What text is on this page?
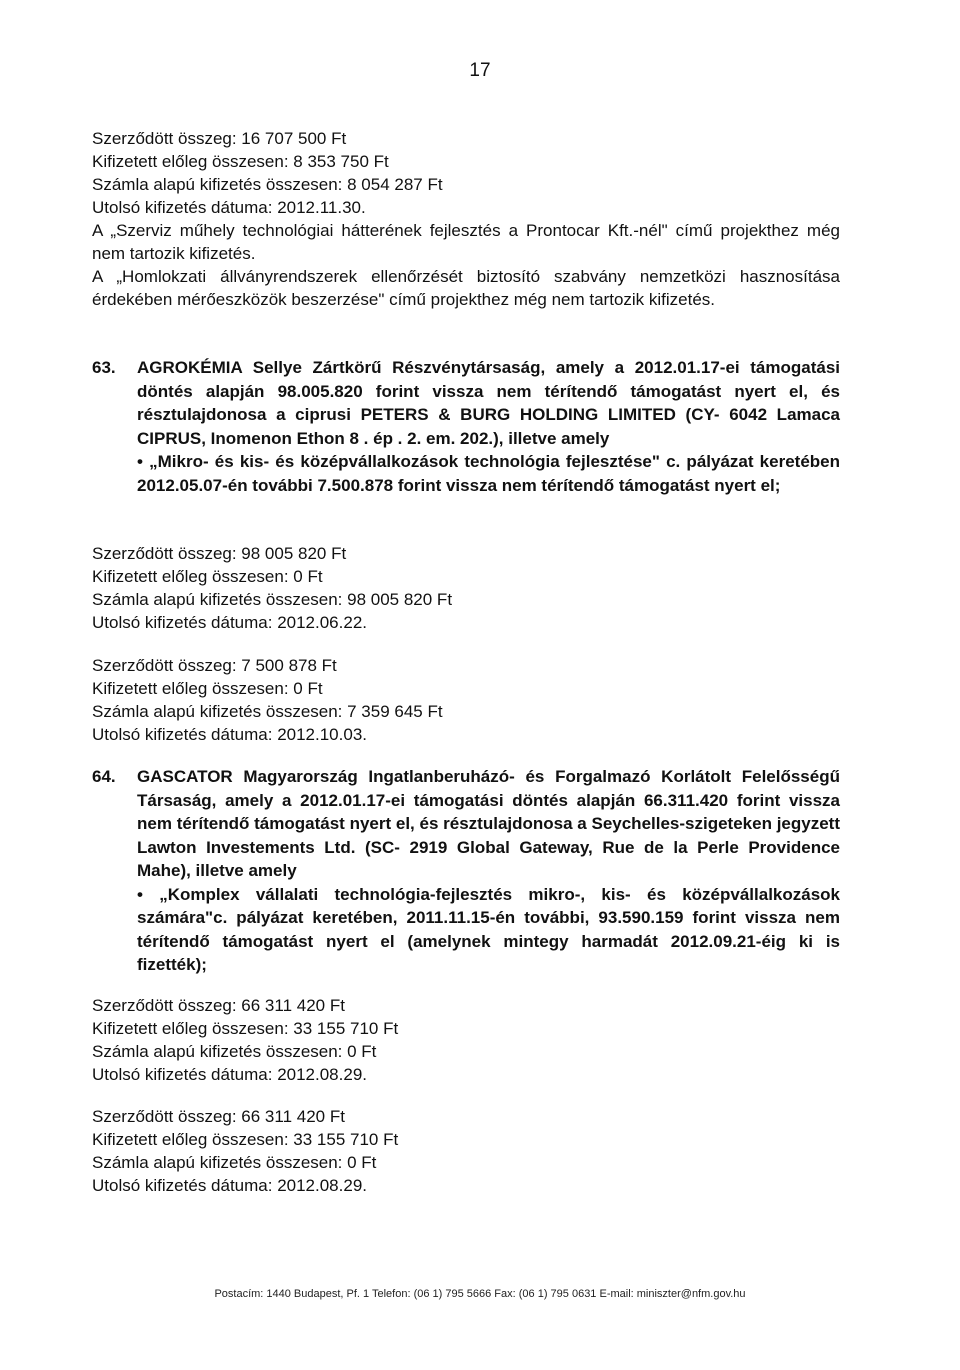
17

Szerződött összeg: 16 707 500 Ft

Kifizetett előleg összesen: 8 353 750 Ft

Számla alapú kifizetés összesen: 8 054 287 Ft

Utolsó kifizetés dátuma: 2012.11.30.

A „Szerviz műhely technológiai hátterének fejlesztés a Prontocar Kft.-nél" című projekthez még nem tartozik kifizetés.

A „Homlokzati állványrendszerek ellenőrzését biztosító szabvány nemzetközi hasznosítása érdekében mérőeszközök beszerzése" című projekthez még nem tartozik kifizetés.

63. AGROKÉMIA Sellye Zártkörű Részvénytársaság, amely a 2012.01.17-ei támogatási döntés alapján 98.005.820 forint vissza nem térítendő támogatást nyert el, és résztulajdonosa a ciprusi PETERS & BURG HOLDING LIMITED (CY- 6042 Lamaca CIPRUS, Inomenon Ethon 8 . ép . 2. em. 202.), illetve amely

• „Mikro- és kis- és középvállalkozások technológia fejlesztése" c. pályázat keretében 2012.05.07-én további 7.500.878 forint vissza nem térítendő támogatást nyert el;

Szerződött összeg: 98 005 820 Ft

Kifizetett előleg összesen: 0 Ft

Számla alapú kifizetés összesen: 98 005 820 Ft

Utolsó kifizetés dátuma: 2012.06.22.

Szerződött összeg: 7 500 878 Ft

Kifizetett előleg összesen: 0 Ft

Számla alapú kifizetés összesen: 7 359 645 Ft

Utolsó kifizetés dátuma: 2012.10.03.

64. GASCATOR Magyarország Ingatlanberuházó- és Forgalmazó Korlátolt Felelősségű Társaság, amely a 2012.01.17-ei támogatási döntés alapján 66.311.420 forint vissza nem térítendő támogatást nyert el, és résztulajdonosa a Seychelles-szigeteken jegyzett Lawton Investements Ltd. (SC- 2919 Global Gateway, Rue de la Perle Providence Mahe), illetve amely

• „Komplex vállalati technológia-fejlesztés mikro-, kis- és középvállalkozások számára"c. pályázat keretében, 2011.11.15-én további, 93.590.159 forint vissza nem térítendő támogatást nyert el (amelynek mintegy harmadát 2012.09.21-éig ki is fizették);

Szerződött összeg: 66 311 420 Ft

Kifizetett előleg összesen: 33 155 710 Ft

Számla alapú kifizetés összesen: 0 Ft

Utolsó kifizetés dátuma: 2012.08.29.

Szerződött összeg: 66 311 420 Ft

Kifizetett előleg összesen: 33 155 710 Ft

Számla alapú kifizetés összesen: 0 Ft

Utolsó kifizetés dátuma: 2012.08.29.

Postacím: 1440 Budapest, Pf. 1 Telefon: (06 1) 795 5666 Fax: (06 1) 795 0631 E-mail: miniszter@nfm.gov.hu
